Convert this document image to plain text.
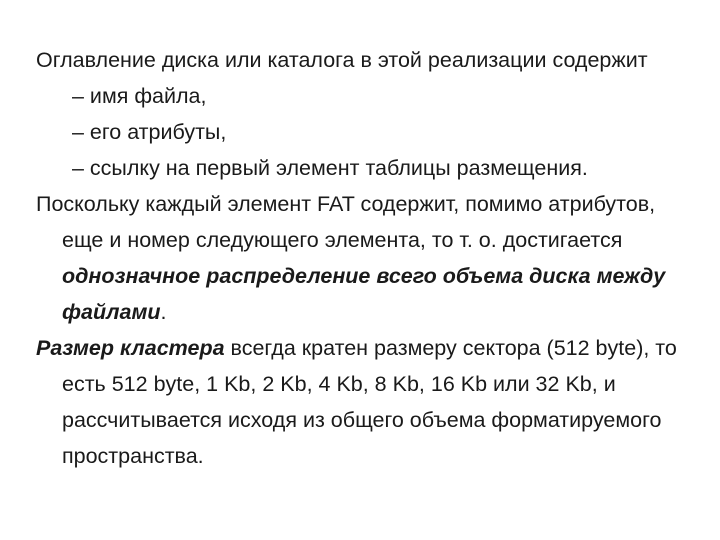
Оглавление диска или каталога в этой реализации содержит

– имя файла,

– его атрибуты,

– ссылку на первый элемент таблицы размещения.

Поскольку каждый элемент FAT содержит, помимо атрибутов, еще и номер следующего элемента, то т. о. достигается однозначное распределение всего объема диска между файлами.

Размер кластера всегда кратен размеру сектора (512 byte), то есть 512 byte, 1 Kb, 2 Kb, 4 Kb, 8 Kb, 16 Kb или 32 Kb, и рассчитывается исходя из общего объема форматируемого пространства.
